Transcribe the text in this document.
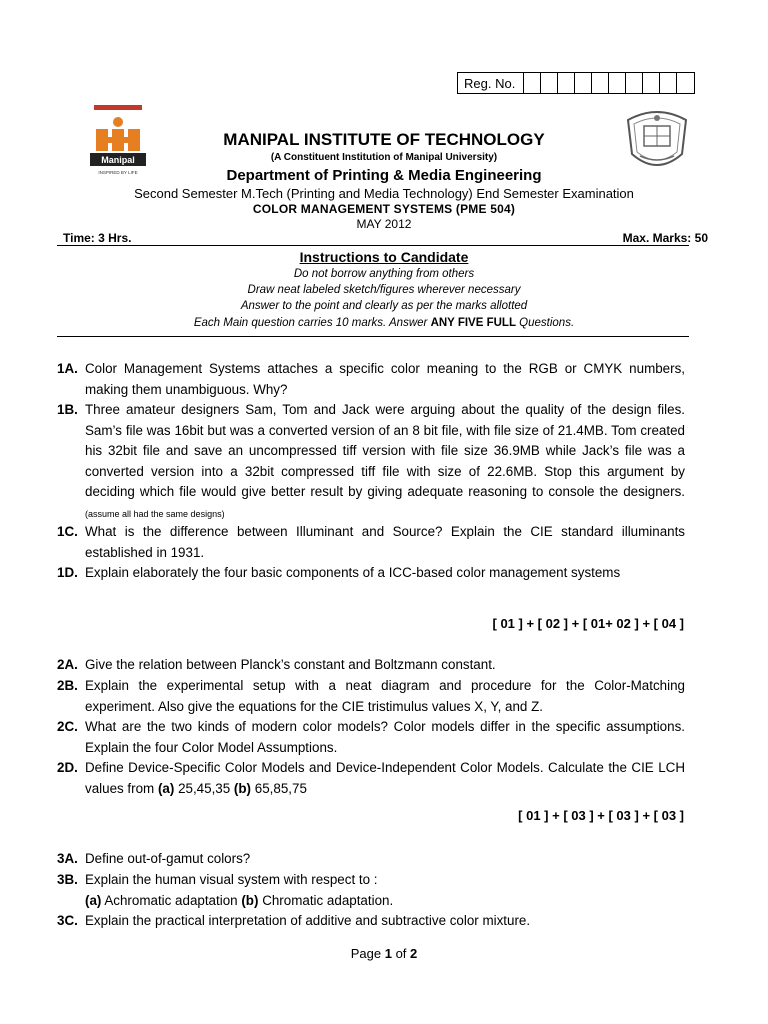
Reg. No.
Manipal
INSPIRED BY LIFE
MANIPAL INSTITUTE OF TECHNOLOGY
(A Constituent Institution of Manipal University)
Department of Printing & Media Engineering
Second Semester M.Tech (Printing and Media Technology) End Semester Examination
COLOR MANAGEMENT SYSTEMS (PME 504)
MAY 2012
Time: 3 Hrs.	Max. Marks: 50
Instructions to Candidate
Do not borrow anything from others
Draw neat labeled sketch/figures wherever necessary
Answer to the point and clearly as per the marks allotted
Each Main question carries 10 marks. Answer ANY FIVE FULL Questions.
1A. Color Management Systems attaches a specific color meaning to the RGB or CMYK numbers, making them unambiguous. Why?
1B. Three amateur designers Sam, Tom and Jack were arguing about the quality of the design files. Sam’s file was 16bit but was a converted version of an 8 bit file, with file size of 21.4MB. Tom created his 32bit file and save an uncompressed tiff version with file size 36.9MB while Jack’s file was a converted version into a 32bit compressed tiff file with size of 22.6MB. Stop this argument by deciding which file would give better result by giving adequate reasoning to console the designers. (assume all had the same designs)
1C. What is the difference between Illuminant and Source? Explain the CIE standard illuminants established in 1931.
1D. Explain elaborately the four basic components of a ICC-based color management systems
[ 01 ] + [ 02 ] + [ 01+ 02 ] + [ 04 ]
2A. Give the relation between Planck’s constant and Boltzmann constant.
2B. Explain the experimental setup with a neat diagram and procedure for the Color-Matching experiment. Also give the equations for the CIE tristimulus values X, Y, and Z.
2C. What are the two kinds of modern color models? Color models differ in the specific assumptions. Explain the four Color Model Assumptions.
2D. Define Device-Specific Color Models and Device-Independent Color Models. Calculate the CIE LCH values from (a) 25,45,35 (b) 65,85,75
[ 01 ] + [ 03 ] + [ 03 ] + [ 03 ]
3A. Define out-of-gamut colors?
3B. Explain the human visual system with respect to :
(a) Achromatic adaptation (b) Chromatic adaptation.
3C. Explain the practical interpretation of additive and subtractive color mixture.
Page 1 of 2
